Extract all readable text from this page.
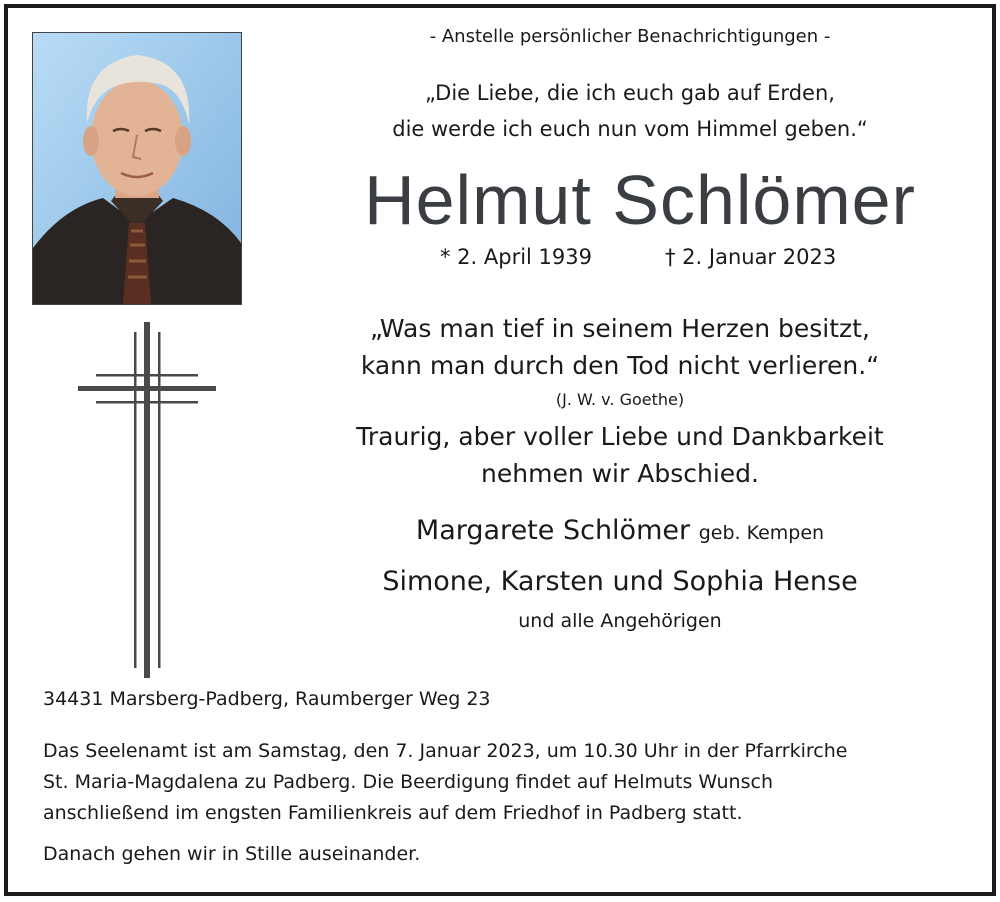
- Anstelle persönlicher Benachrichtigungen -
„Die Liebe, die ich euch gab auf Erden,
die werde ich euch nun vom Himmel geben.“
Helmut Schlömer
* 2. April 1939	† 2. Januar 2023
„Was man tief in seinem Herzen besitzt,
kann man durch den Tod nicht verlieren.“
(J. W. v. Goethe)
Traurig, aber voller Liebe und Dankbarkeit
nehmen wir Abschied.
Margarete Schlömer geb. Kempen
Simone, Karsten und Sophia Hense
und alle Angehörigen
34431 Marsberg-Padberg, Raumberger Weg 23
Das Seelenamt ist am Samstag, den 7. Januar 2023, um 10.30 Uhr in der Pfarrkirche
St. Maria-Magdalena zu Padberg. Die Beerdigung findet auf Helmuts Wunsch
anschließend im engsten Familienkreis auf dem Friedhof in Padberg statt.
Danach gehen wir in Stille auseinander.
